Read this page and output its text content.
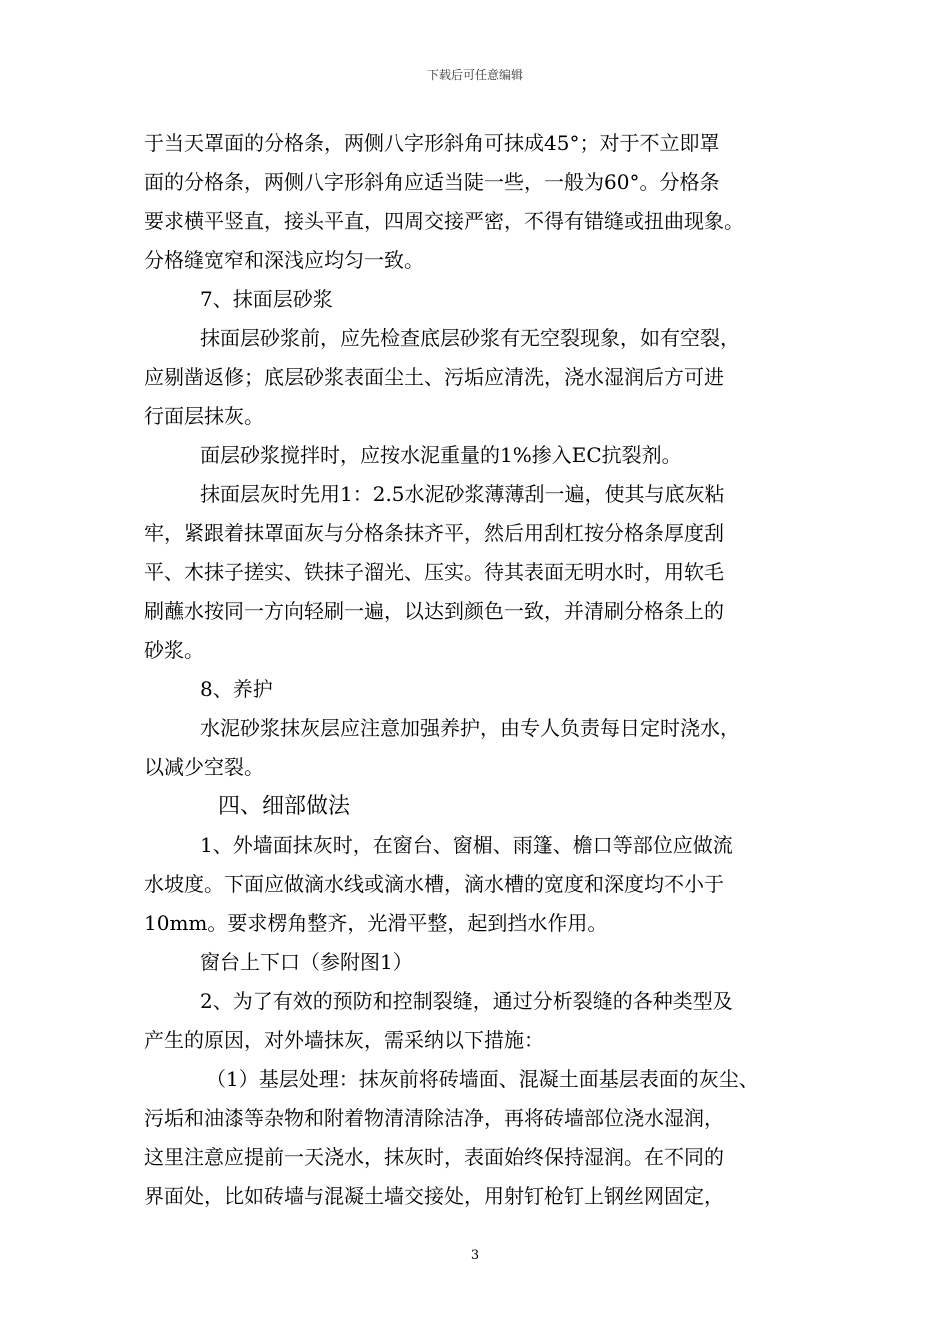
下载后可任意编辑
于当天罩面的分格条，两侧八字形斜角可抹成45°；对于不立即罩
面的分格条，两侧八字形斜角应适当陡一些，一般为60°。分格条
要求横平竖直，接头平直，四周交接严密，不得有错缝或扭曲现象。
分格缝宽窄和深浅应均匀一致。
7、抹面层砂浆
抹面层砂浆前，应先检查底层砂浆有无空裂现象，如有空裂，
应剔凿返修；底层砂浆表面尘土、污垢应清洗，浇水湿润后方可进
行面层抹灰。
面层砂浆搅拌时，应按水泥重量的1%掺入EC抗裂剂。
抹面层灰时先用1：2.5水泥砂浆薄薄刮一遍，使其与底灰粘
牢，紧跟着抹罩面灰与分格条抹齐平，然后用刮杠按分格条厚度刮
平、木抹子搓实、铁抹子溜光、压实。待其表面无明水时，用软毛
刷蘸水按同一方向轻刷一遍，以达到颜色一致，并清刷分格条上的
砂浆。
8、养护
水泥砂浆抹灰层应注意加强养护，由专人负责每日定时浇水，
以减少空裂。
四、细部做法
1、外墙面抹灰时，在窗台、窗楣、雨篷、檐口等部位应做流
水坡度。下面应做滴水线或滴水槽，滴水槽的宽度和深度均不小于
10mm。要求楞角整齐，光滑平整，起到挡水作用。
窗台上下口（参附图1）
2、为了有效的预防和控制裂缝，通过分析裂缝的各种类型及
产生的原因，对外墙抹灰，需采纳以下措施：
（1）基层处理：抹灰前将砖墙面、混凝土面基层表面的灰尘、
污垢和油漆等杂物和附着物清清除洁净，再将砖墙部位浇水湿润，
这里注意应提前一天浇水，抹灰时，表面始终保持湿润。在不同的
界面处，比如砖墙与混凝土墙交接处，用射钉枪钉上钢丝网固定，
3
